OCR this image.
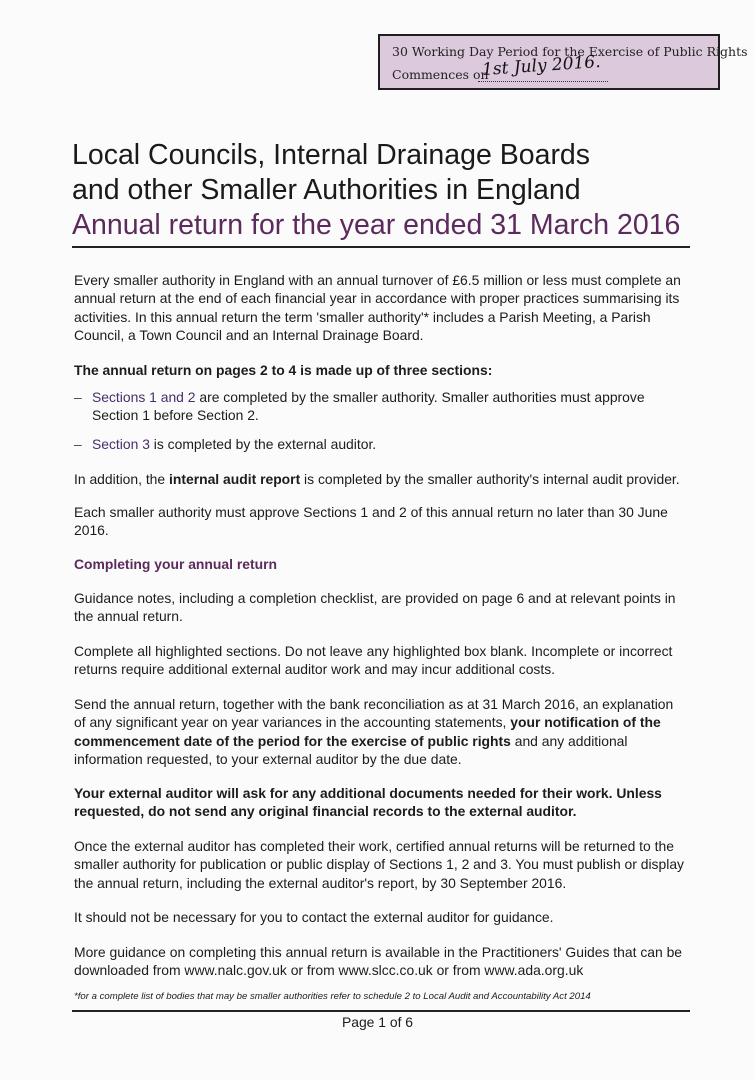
30 Working Day Period for the Exercise of Public Rights
Commences on
1st July 2016.
Local Councils, Internal Drainage Boards
and other Smaller Authorities in England
Annual return for the year ended 31 March 2016
Every smaller authority in England with an annual turnover of £6.5 million or less must complete an annual return at the end of each financial year in accordance with proper practices summarising its activities. In this annual return the term 'smaller authority'* includes a Parish Meeting, a Parish Council, a Town Council and an Internal Drainage Board.
The annual return on pages 2 to 4 is made up of three sections:
– Sections 1 and 2 are completed by the smaller authority. Smaller authorities must approve Section 1 before Section 2.
– Section 3 is completed by the external auditor.
In addition, the internal audit report is completed by the smaller authority's internal audit provider.
Each smaller authority must approve Sections 1 and 2 of this annual return no later than 30 June 2016.
Completing your annual return
Guidance notes, including a completion checklist, are provided on page 6 and at relevant points in the annual return.
Complete all highlighted sections. Do not leave any highlighted box blank. Incomplete or incorrect returns require additional external auditor work and may incur additional costs.
Send the annual return, together with the bank reconciliation as at 31 March 2016, an explanation of any significant year on year variances in the accounting statements, your notification of the commencement date of the period for the exercise of public rights and any additional information requested, to your external auditor by the due date.
Your external auditor will ask for any additional documents needed for their work. Unless requested, do not send any original financial records to the external auditor.
Once the external auditor has completed their work, certified annual returns will be returned to the smaller authority for publication or public display of Sections 1, 2 and 3. You must publish or display the annual return, including the external auditor's report, by 30 September 2016.
It should not be necessary for you to contact the external auditor for guidance.
More guidance on completing this annual return is available in the Practitioners' Guides that can be downloaded from www.nalc.gov.uk or from www.slcc.co.uk or from www.ada.org.uk
*for a complete list of bodies that may be smaller authorities refer to schedule 2 to Local Audit and Accountability Act 2014
Page 1 of 6
